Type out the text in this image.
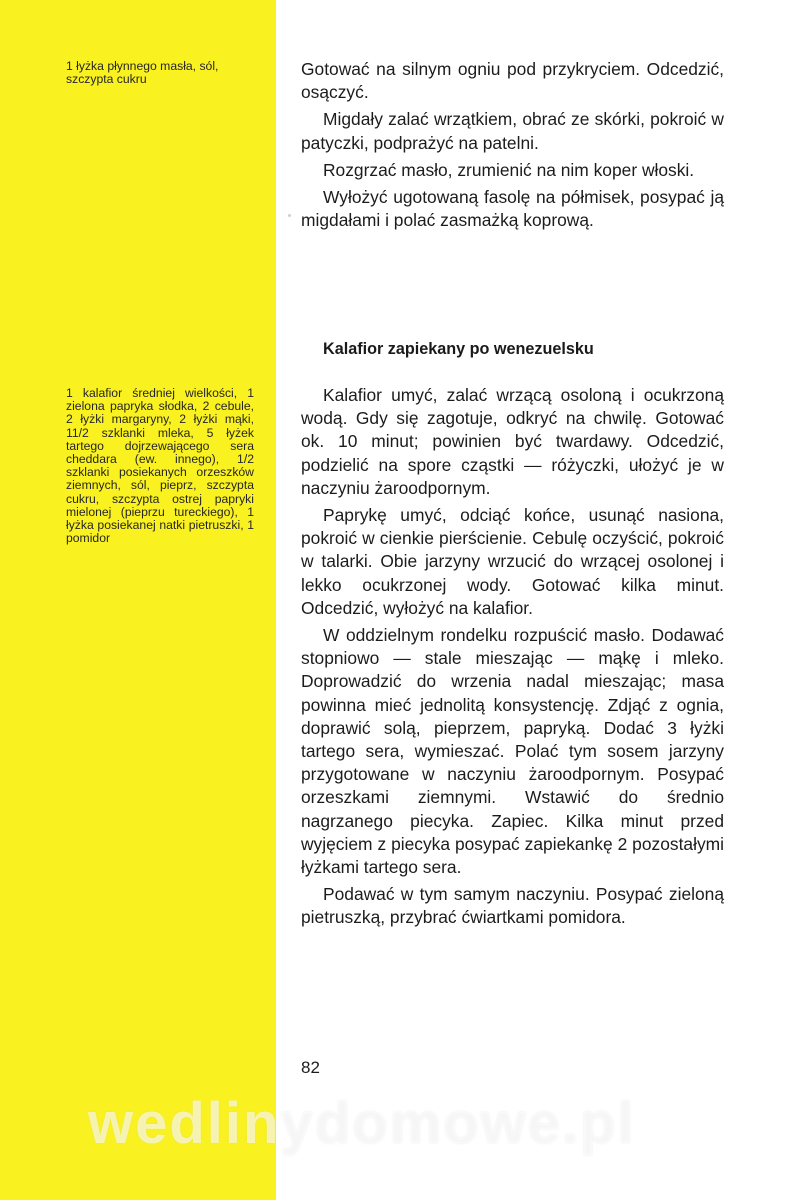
1 łyżka płynnego masła, sól, szczypta cukru
1 kalafior średniej wielkości, 1 zielona papryka słodka, 2 cebule, 2 łyżki margaryny, 2 łyżki mąki, 11/2 szklanki mleka, 5 łyżek tartego dojrzewającego sera cheddara (ew. innego), 1/2 szklanki posiekanych orzeszków ziemnych, sól, pieprz, szczypta cukru, szczypta ostrej papryki mielonej (pieprzu tureckiego), 1 łyżka posiekanej natki pietruszki, 1 pomidor

Gotować na silnym ogniu pod przykryciem. Odcedzić, osączyć.

Migdały zalać wrzątkiem, obrać ze skórki, pokroić w patyczki, podprażyć na patelni.

Rozgrzać masło, zrumienić na nim koper włoski.

Wyłożyć ugotowaną fasolę na półmisek, posypać ją migdałami i polać zasmażką koprową.

Kalafior zapiekany po wenezuelsku

Kalafior umyć, zalać wrzącą osoloną i ocukrzoną wodą. Gdy się zagotuje, odkryć na chwilę. Gotować ok. 10 minut; powinien być twardawy. Odcedzić, podzielić na spore cząstki — różyczki, ułożyć je w naczyniu żaroodpornym.

Paprykę umyć, odciąć końce, usunąć nasiona, pokroić w cienkie pierścienie. Cebulę oczyścić, pokroić w talarki. Obie jarzyny wrzucić do wrzącej osolonej i lekko ocukrzonej wody. Gotować kilka minut. Odcedzić, wyłożyć na kalafior.

W oddzielnym rondelku rozpuścić masło. Dodawać stopniowo — stale mieszając — mąkę i mleko. Doprowadzić do wrzenia nadal mieszając; masa powinna mieć jednolitą konsystencję. Zdjąć z ognia, doprawić solą, pieprzem, papryką. Dodać 3 łyżki tartego sera, wymieszać. Polać tym sosem jarzyny przygotowane w naczyniu żaroodpornym. Posypać orzeszkami ziemnymi. Wstawić do średnio nagrzanego piecyka. Zapiec. Kilka minut przed wyjęciem z piecyka posypać zapiekankę 2 pozostałymi łyżkami tartego sera.

Podawać w tym samym naczyniu. Posypać zieloną pietruszką, przybrać ćwiartkami pomidora.

82
wedlinydomowe.pl
